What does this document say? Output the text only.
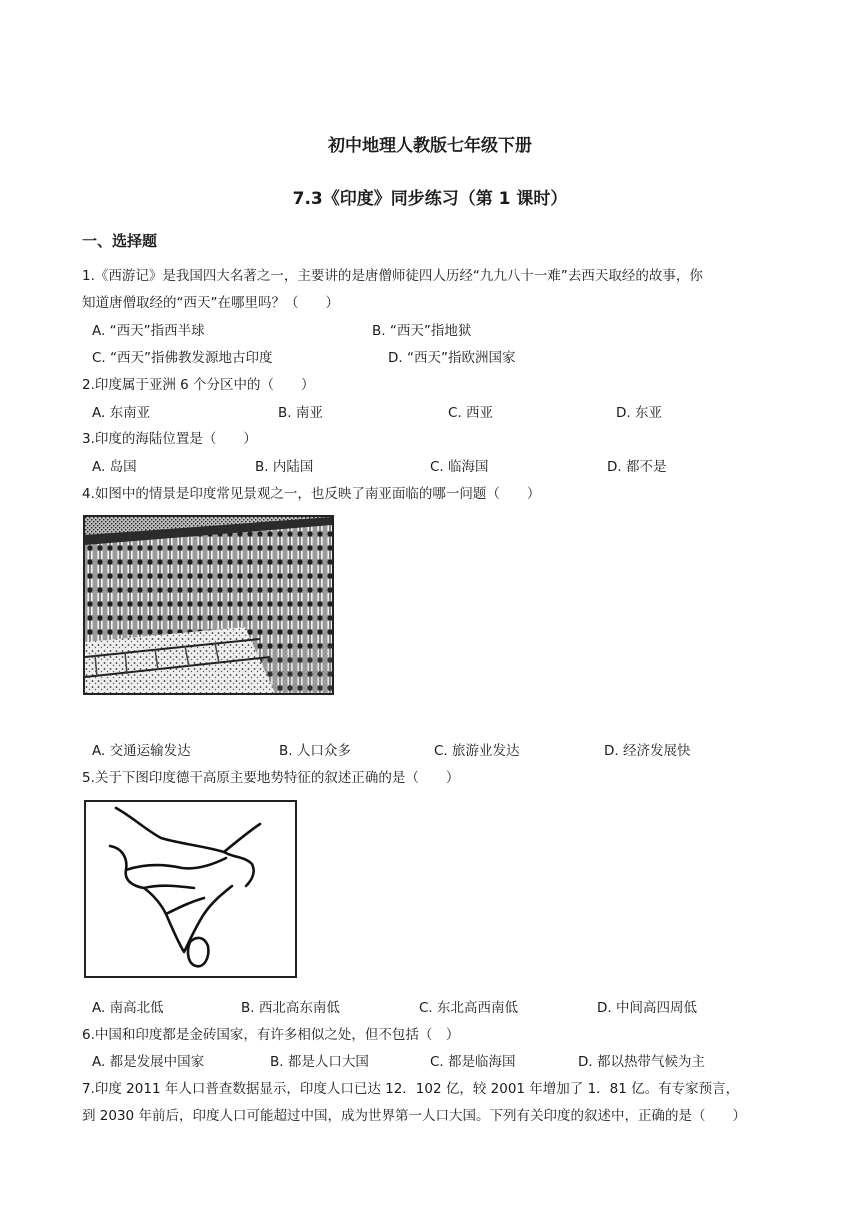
初中地理人教版七年级下册
7.3《印度》同步练习（第 1 课时）
一、选择题
1.《西游记》是我国四大名著之一，主要讲的是唐僧师徒四人历经“九九八十一难”去西天取经的故事，你
知道唐僧取经的“西天”在哪里吗？（　　）
A. “西天”指西半球	B. “西天”指地狱
C. “西天”指佛教发源地古印度	D. “西天”指欧洲国家
2.印度属于亚洲 6 个分区中的（　　）
A. 东南亚	B. 南亚	C. 西亚	D. 东亚
3.印度的海陆位置是（　　）
A. 岛国	B. 内陆国	C. 临海国	D. 都不是
4.如图中的情景是印度常见景观之一，也反映了南亚面临的哪一问题（　　）
A. 交通运输发达	B. 人口众多	C. 旅游业发达	D. 经济发展快
5.关于下图印度德干高原主要地势特征的叙述正确的是（　　）
A. 南高北低	B. 西北高东南低	C. 东北高西南低	D. 中间高四周低
6.中国和印度都是金砖国家，有许多相似之处，但不包括（　）
A. 都是发展中国家	B. 都是人口大国	C. 都是临海国	D. 都以热带气候为主
7.印度 2011 年人口普查数据显示，印度人口已达 12．102 亿，较 2001 年增加了 1．81 亿。有专家预言，
到 2030 年前后，印度人口可能超过中国，成为世界第一人口大国。下列有关印度的叙述中，正确的是（　　）
